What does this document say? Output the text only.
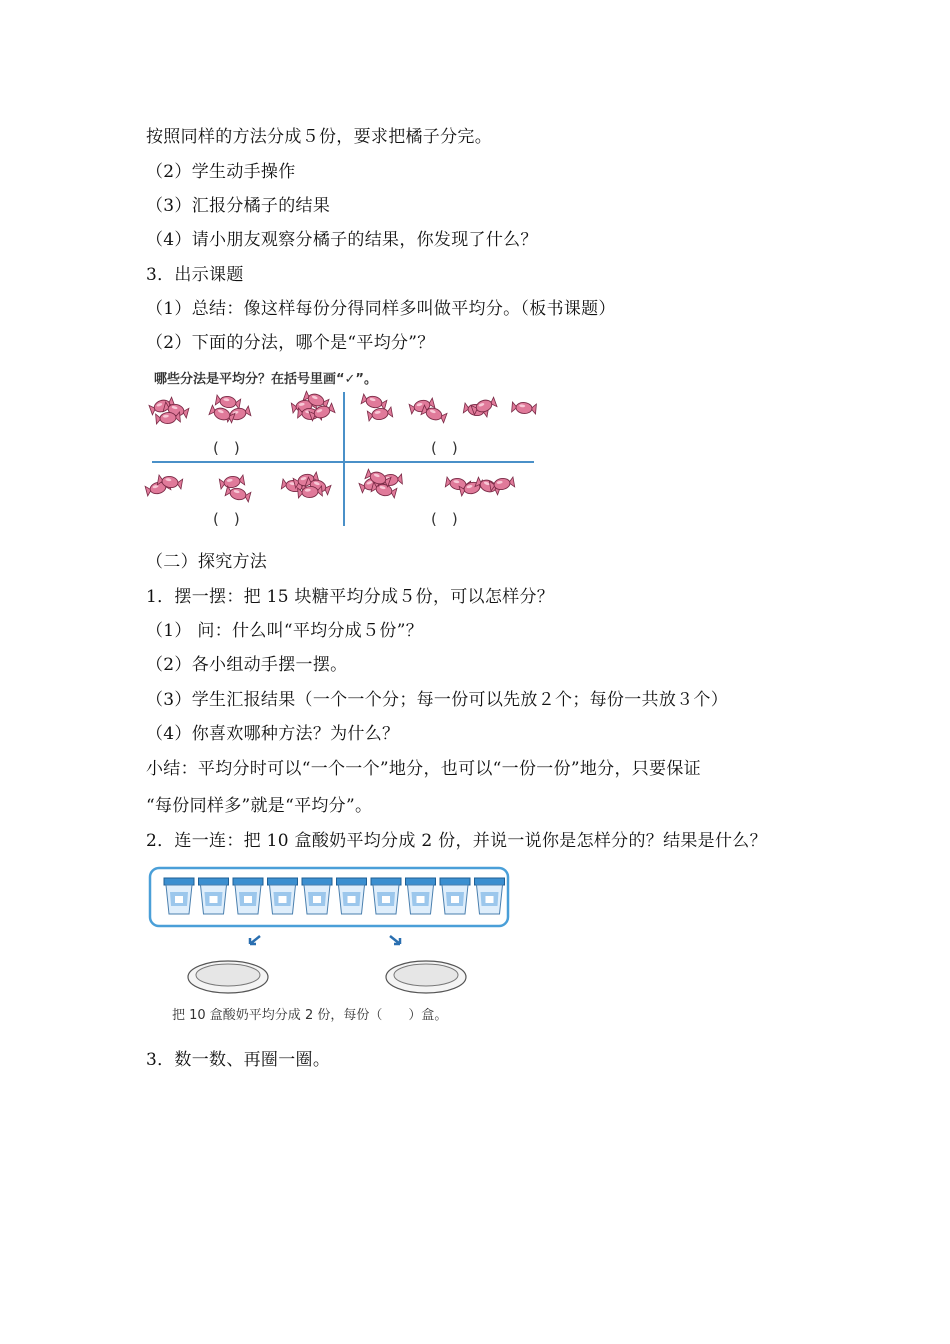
按照同样的方法分成５份，要求把橘子分完。
（2）学生动手操作
（3）汇报分橘子的结果
（4）请小朋友观察分橘子的结果，你发现了什么？
3．出示课题
（1）总结：像这样每份分得同样多叫做平均分。（板书课题）
（2）下面的分法，哪个是“平均分”？
哪些分法是平均分？在括号里画“✓”。
(　)	(　)
(　)	(　)
（二）探究方法
1．摆一摆：把 15 块糖平均分成５份，可以怎样分？
（1） 问：什么叫“平均分成５份”？
（2）各小组动手摆一摆。
（3）学生汇报结果（一个一个分；每一份可以先放２个；每份一共放３个）
（4）你喜欢哪种方法？为什么？
小结：平均分时可以“一个一个”地分，也可以“一份一份”地分，只要保证
“每份同样多”就是“平均分”。
2．连一连：把 10 盒酸奶平均分成 2 份，并说一说你是怎样分的？结果是什么？
把 10 盒酸奶平均分成 2 份，每份（　　）盒。
3．数一数、再圈一圈。
